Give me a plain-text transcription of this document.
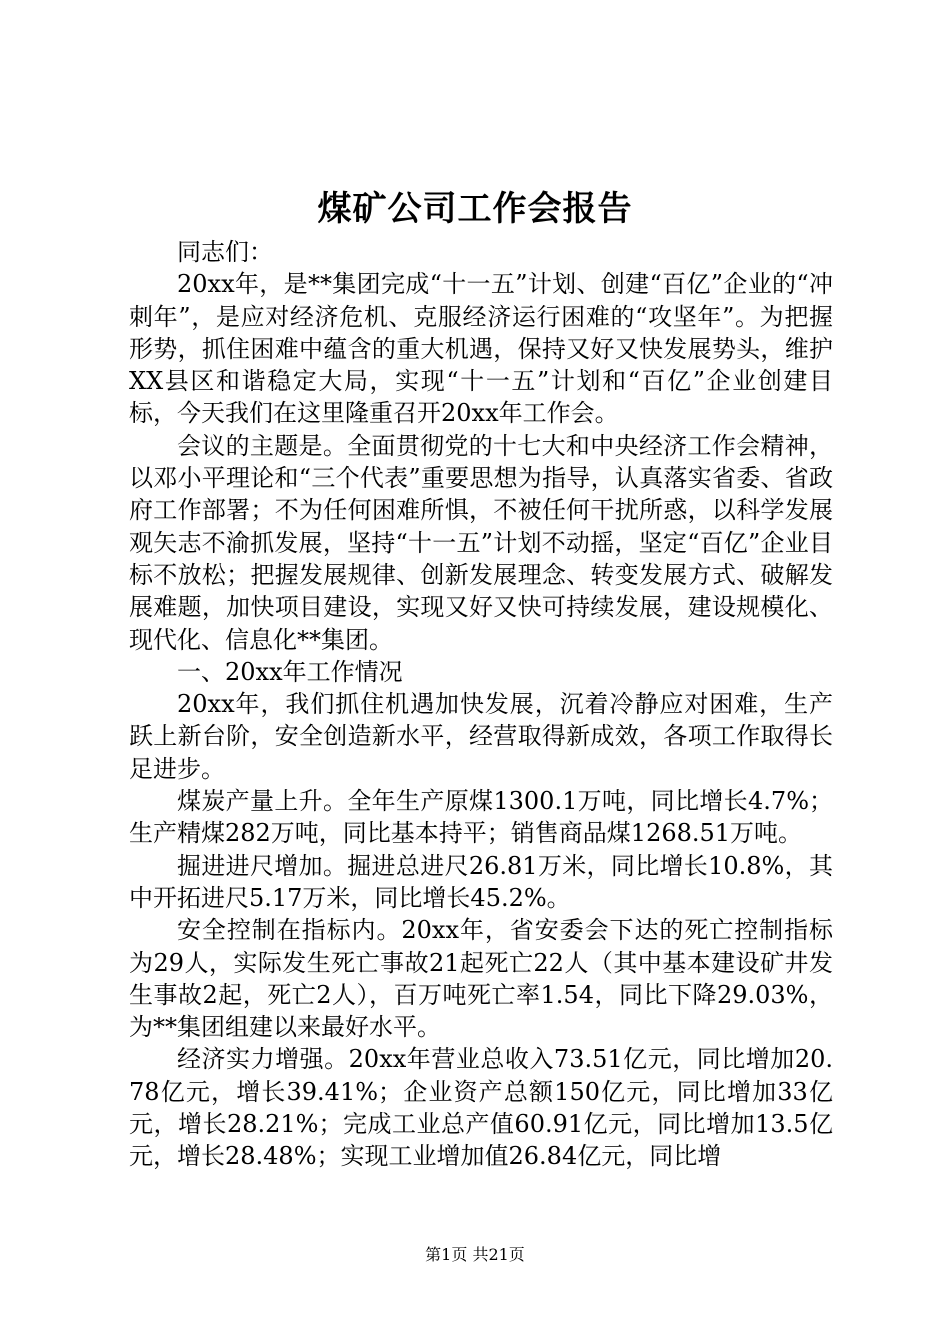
煤矿公司工作会报告

同志们：

20xx年，是**集团完成“十一五”计划、创建“百亿”企业的“冲刺年”，是应对经济危机、克服经济运行困难的“攻坚年”。为把握形势，抓住困难中蕴含的重大机遇，保持又好又快发展势头，维护XX县区和谐稳定大局，实现“十一五”计划和“百亿”企业创建目标，今天我们在这里隆重召开20xx年工作会。

会议的主题是。全面贯彻党的十七大和中央经济工作会精神，以邓小平理论和“三个代表”重要思想为指导，认真落实省委、省政府工作部署；不为任何困难所惧，不被任何干扰所惑，以科学发展观矢志不渝抓发展，坚持“十一五”计划不动摇，坚定“百亿”企业目标不放松；把握发展规律、创新发展理念、转变发展方式、破解发展难题，加快项目建设，实现又好又快可持续发展，建设规模化、现代化、信息化**集团。

一、20xx年工作情况

20xx年，我们抓住机遇加快发展，沉着冷静应对困难，生产跃上新台阶，安全创造新水平，经营取得新成效，各项工作取得长足进步。

煤炭产量上升。全年生产原煤1300.1万吨，同比增长4.7%；生产精煤282万吨，同比基本持平；销售商品煤1268.51万吨。

掘进进尺增加。掘进总进尺26.81万米，同比增长10.8%，其中开拓进尺5.17万米，同比增长45.2%。

安全控制在指标内。20xx年，省安委会下达的死亡控制指标为29人，实际发生死亡事故21起死亡22人（其中基本建设矿井发生事故2起，死亡2人），百万吨死亡率1.54，同比下降29.03%，为**集团组建以来最好水平。

经济实力增强。20xx年营业总收入73.51亿元，同比增加20.78亿元，增长39.41%；企业资产总额150亿元，同比增加33亿元，增长28.21%；完成工业总产值60.91亿元，同比增加13.5亿元，增长28.48%；实现工业增加值26.84亿元，同比增

第1页 共21页
